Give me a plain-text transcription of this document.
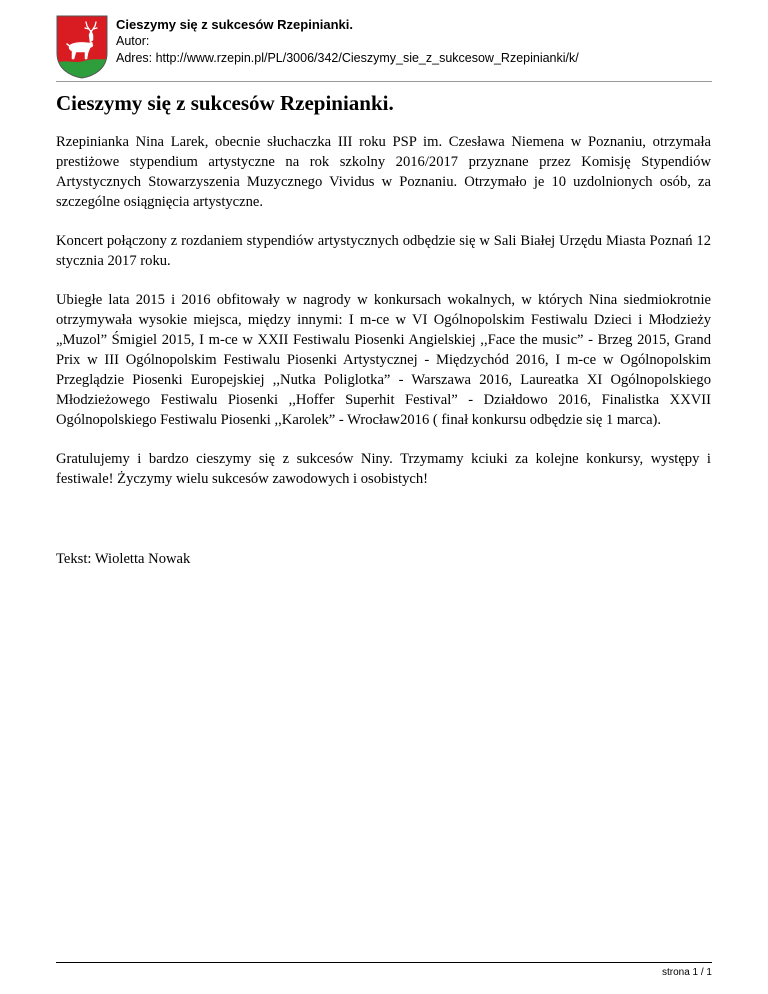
Cieszymy się z sukcesów Rzepinianki.
Autor:
Adres: http://www.rzepin.pl/PL/3006/342/Cieszymy_sie_z_sukcesow_Rzepinianki/k/
Cieszymy się z sukcesów Rzepinianki.

Rzepinianka Nina Larek, obecnie słuchaczka III roku PSP im. Czesława Niemena w Poznaniu, otrzymała prestiżowe stypendium artystyczne na rok szkolny 2016/2017 przyznane przez Komisję Stypendiów Artystycznych Stowarzyszenia Muzycznego Vividus w Poznaniu. Otrzymało je 10 uzdolnionych osób, za szczególne osiągnięcia artystyczne.

Koncert połączony z rozdaniem stypendiów artystycznych odbędzie się w Sali Białej Urzędu Miasta Poznań 12 stycznia 2017 roku.

Ubiegłe lata 2015 i 2016 obfitowały w nagrody w konkursach wokalnych, w których Nina siedmiokrotnie otrzymywała wysokie miejsca, między innymi: I m-ce w VI Ogólnopolskim Festiwalu Dzieci i Młodzieży „Muzol” Śmigiel 2015, I m-ce w XXII Festiwalu Piosenki Angielskiej ,,Face the music” - Brzeg 2015, Grand Prix w III Ogólnopolskim Festiwalu Piosenki Artystycznej - Międzychód 2016, I m-ce w Ogólnopolskim Przeglądzie Piosenki Europejskiej ,,Nutka Poliglotka” - Warszawa 2016, Laureatka XI Ogólnopolskiego Młodzieżowego Festiwalu Piosenki ,,Hoffer Superhit Festival” - Działdowo 2016, Finalistka XXVII Ogólnopolskiego Festiwalu Piosenki ,,Karolek” - Wrocław2016 ( finał konkursu odbędzie się 1 marca).

Gratulujemy i bardzo cieszymy się z sukcesów Niny. Trzymamy kciuki za kolejne konkursy, występy i festiwale! Życzymy wielu sukcesów zawodowych i osobistych!

Tekst: Wioletta Nowak

strona 1 / 1
